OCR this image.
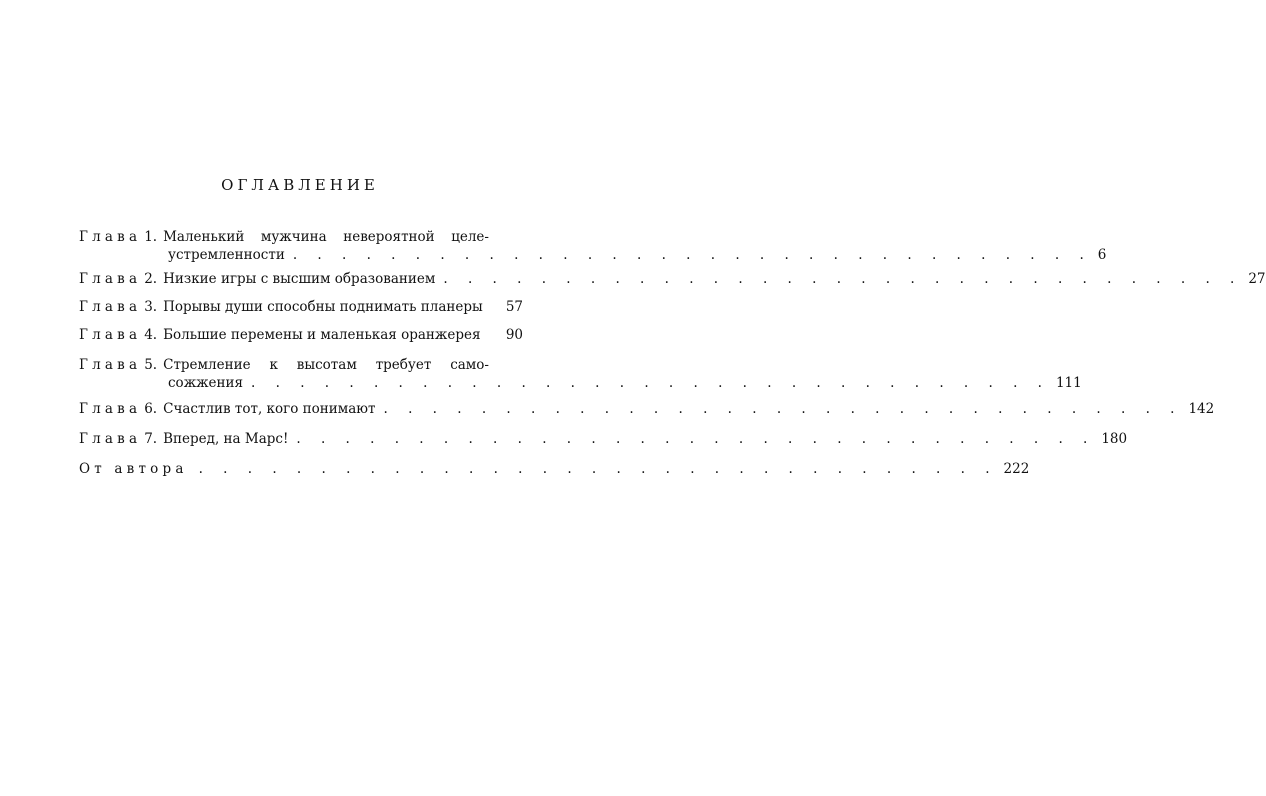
ОГЛАВЛЕНИЕ
Глава 1. Маленький мужчина невероятной целе-
устремленности . . . . . . . . . . . . . . . . . . . . . . . . . . . . . . . . . 6
Глава 2. Низкие игры с высшим образованием . . . . . . . . . . . . . . . . . . . . . . . . . . . . . . . . . 27
Глава 3. Порывы души способны поднимать планеры 57
Глава 4. Большие перемены и маленькая оранжерея 90
Глава 5. Стремление к высотам требует само-
сожжения . . . . . . . . . . . . . . . . . . . . . . . . . . . . . . . . . 111
Глава 6. Счастлив тот, кого понимают . . . . . . . . . . . . . . . . . . . . . . . . . . . . . . . . . 142
Глава 7. Вперед, на Марс! . . . . . . . . . . . . . . . . . . . . . . . . . . . . . . . . . 180
От автора . . . . . . . . . . . . . . . . . . . . . . . . . . . . . . . . . 222
